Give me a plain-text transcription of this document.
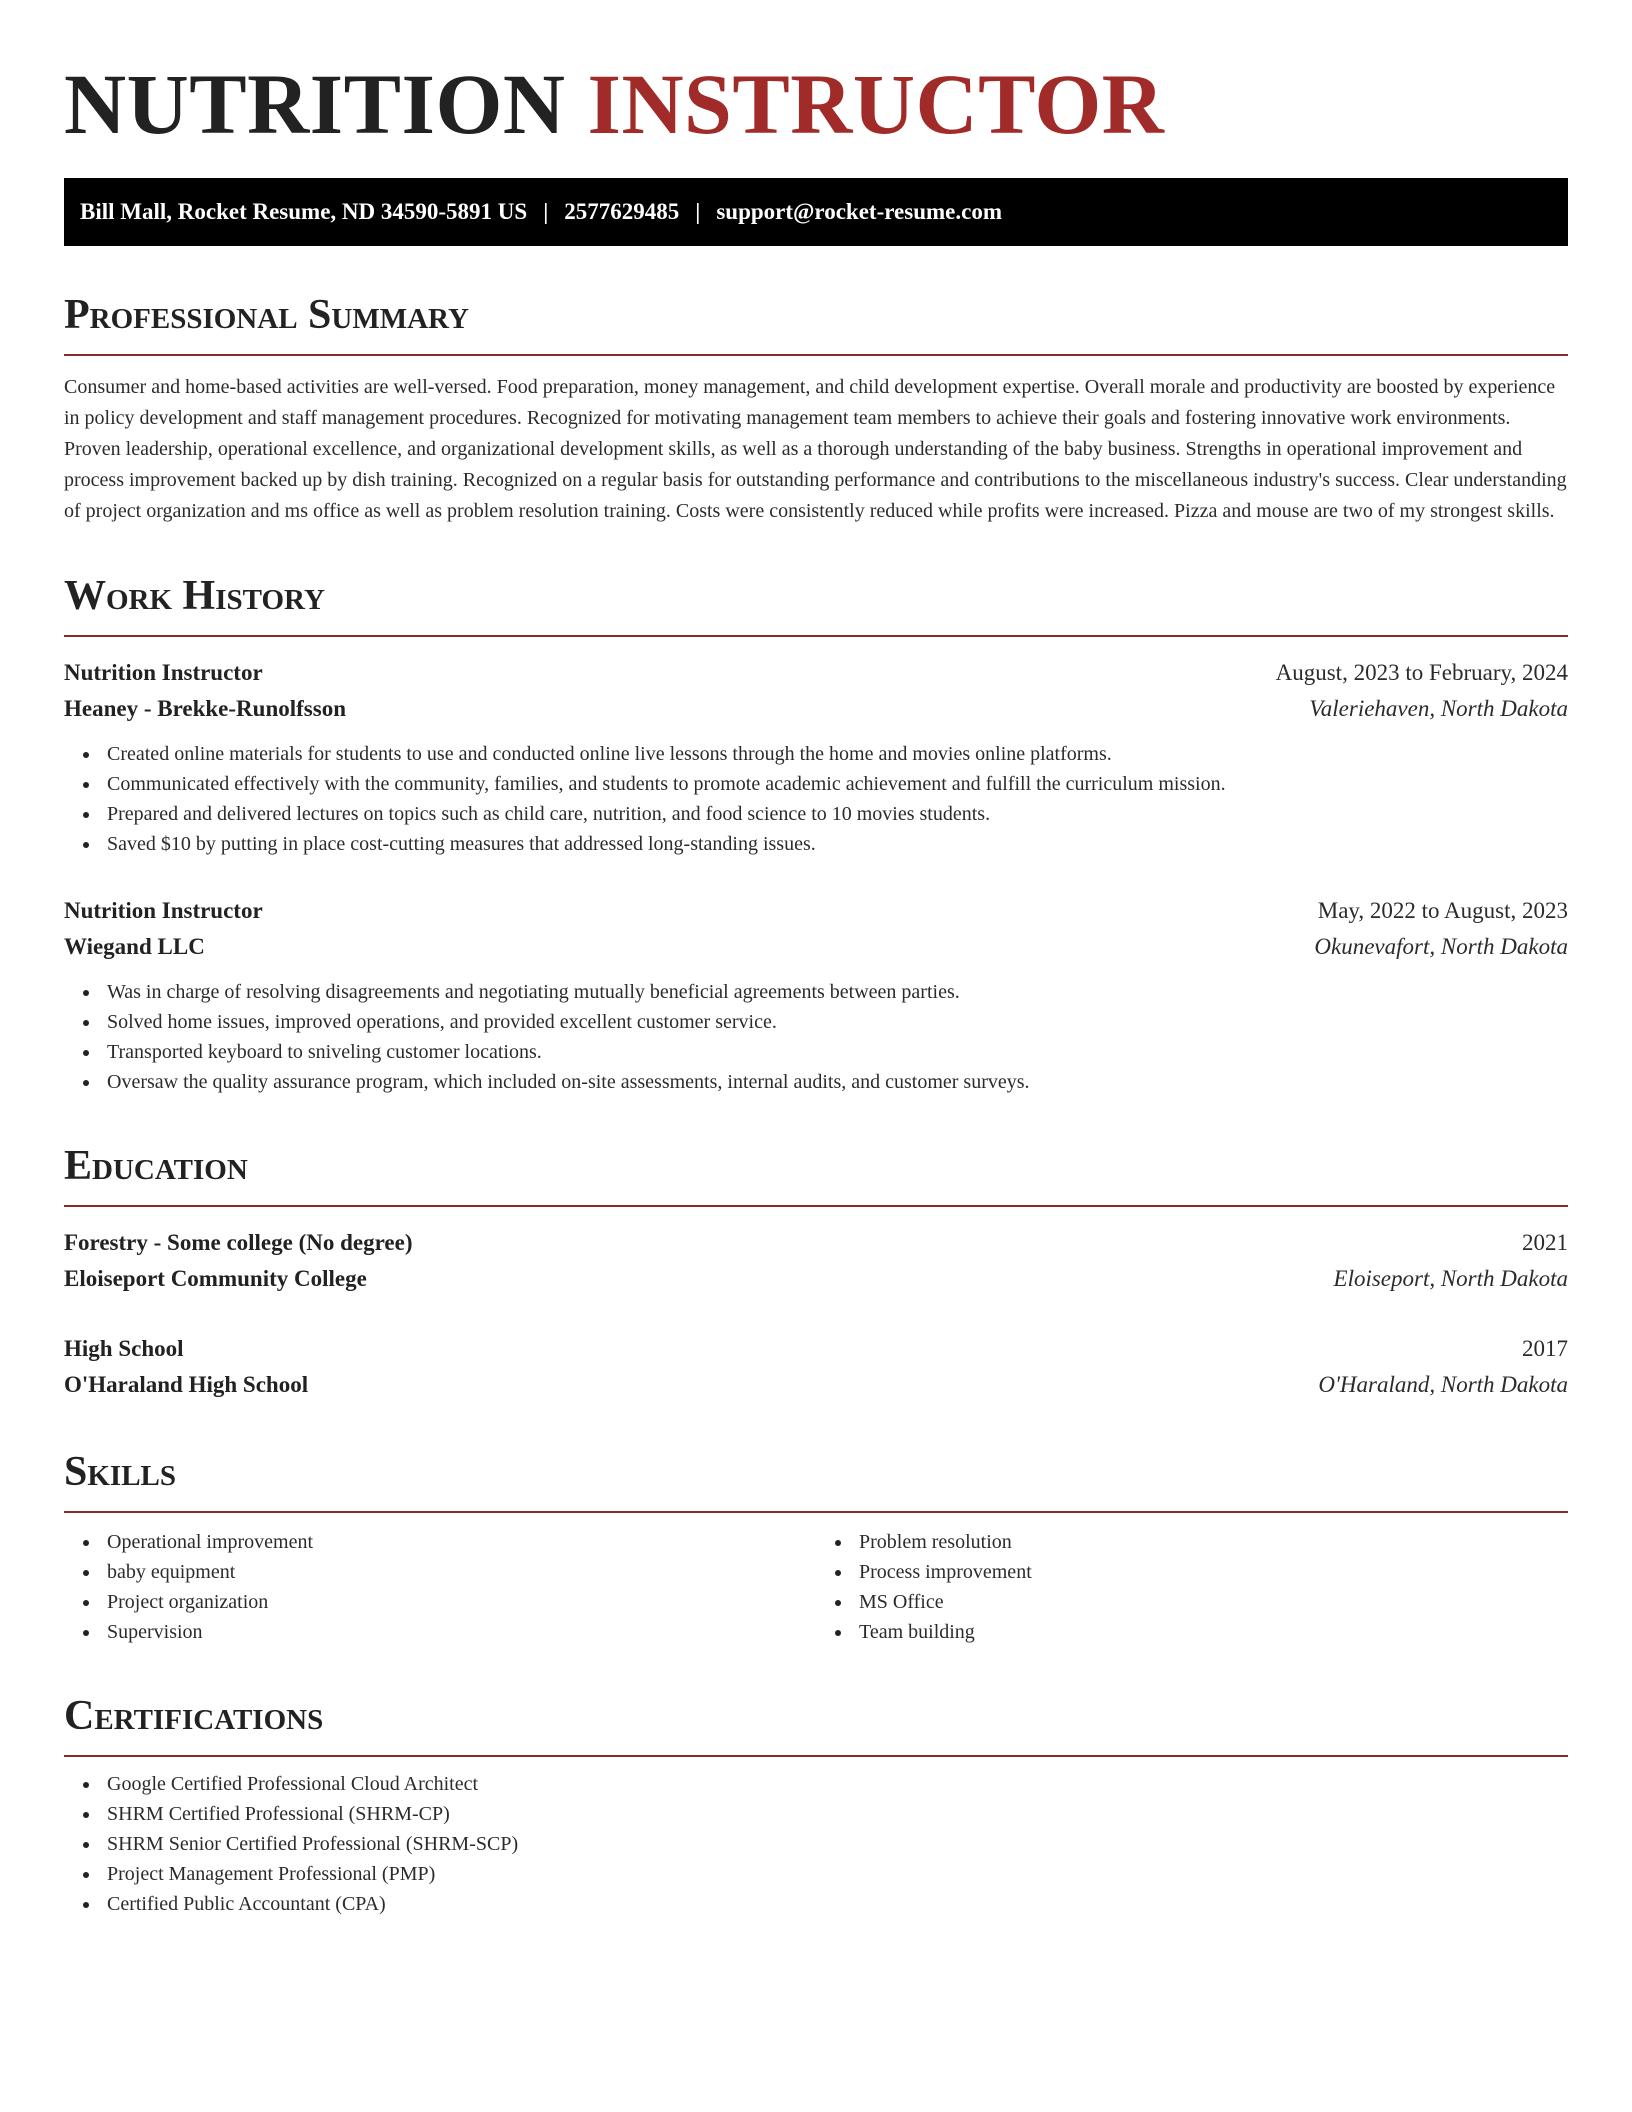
NUTRITION INSTRUCTOR
Bill Mall, Rocket Resume, ND 34590-5891 US | 2577629485 | support@rocket-resume.com
Professional Summary

Consumer and home-based activities are well-versed. Food preparation, money management, and child development expertise. Overall morale and productivity are boosted by experience in policy development and staff management procedures. Recognized for motivating management team members to achieve their goals and fostering innovative work environments. Proven leadership, operational excellence, and organizational development skills, as well as a thorough understanding of the baby business. Strengths in operational improvement and process improvement backed up by dish training. Recognized on a regular basis for outstanding performance and contributions to the miscellaneous industry's success. Clear understanding of project organization and ms office as well as problem resolution training. Costs were consistently reduced while profits were increased. Pizza and mouse are two of my strongest skills.

Work History
Nutrition Instructor	August, 2023 to February, 2024
Heaney - Brekke-Runolfsson	Valeriehaven, North Dakota
Created online materials for students to use and conducted online live lessons through the home and movies online platforms.
Communicated effectively with the community, families, and students to promote academic achievement and fulfill the curriculum mission.
Prepared and delivered lectures on topics such as child care, nutrition, and food science to 10 movies students.
Saved $10 by putting in place cost-cutting measures that addressed long-standing issues.
Nutrition Instructor	May, 2022 to August, 2023
Wiegand LLC	Okunevafort, North Dakota
Was in charge of resolving disagreements and negotiating mutually beneficial agreements between parties.
Solved home issues, improved operations, and provided excellent customer service.
Transported keyboard to sniveling customer locations.
Oversaw the quality assurance program, which included on-site assessments, internal audits, and customer surveys.
Education
Forestry - Some college (No degree)	2021
Eloiseport Community College	Eloiseport, North Dakota
High School	2017
O'Haraland High School	O'Haraland, North Dakota
Skills
Operational improvement
baby equipment
Project organization
Supervision
Problem resolution
Process improvement
MS Office
Team building
Certifications
Google Certified Professional Cloud Architect
SHRM Certified Professional (SHRM-CP)
SHRM Senior Certified Professional (SHRM-SCP)
Project Management Professional (PMP)
Certified Public Accountant (CPA)
